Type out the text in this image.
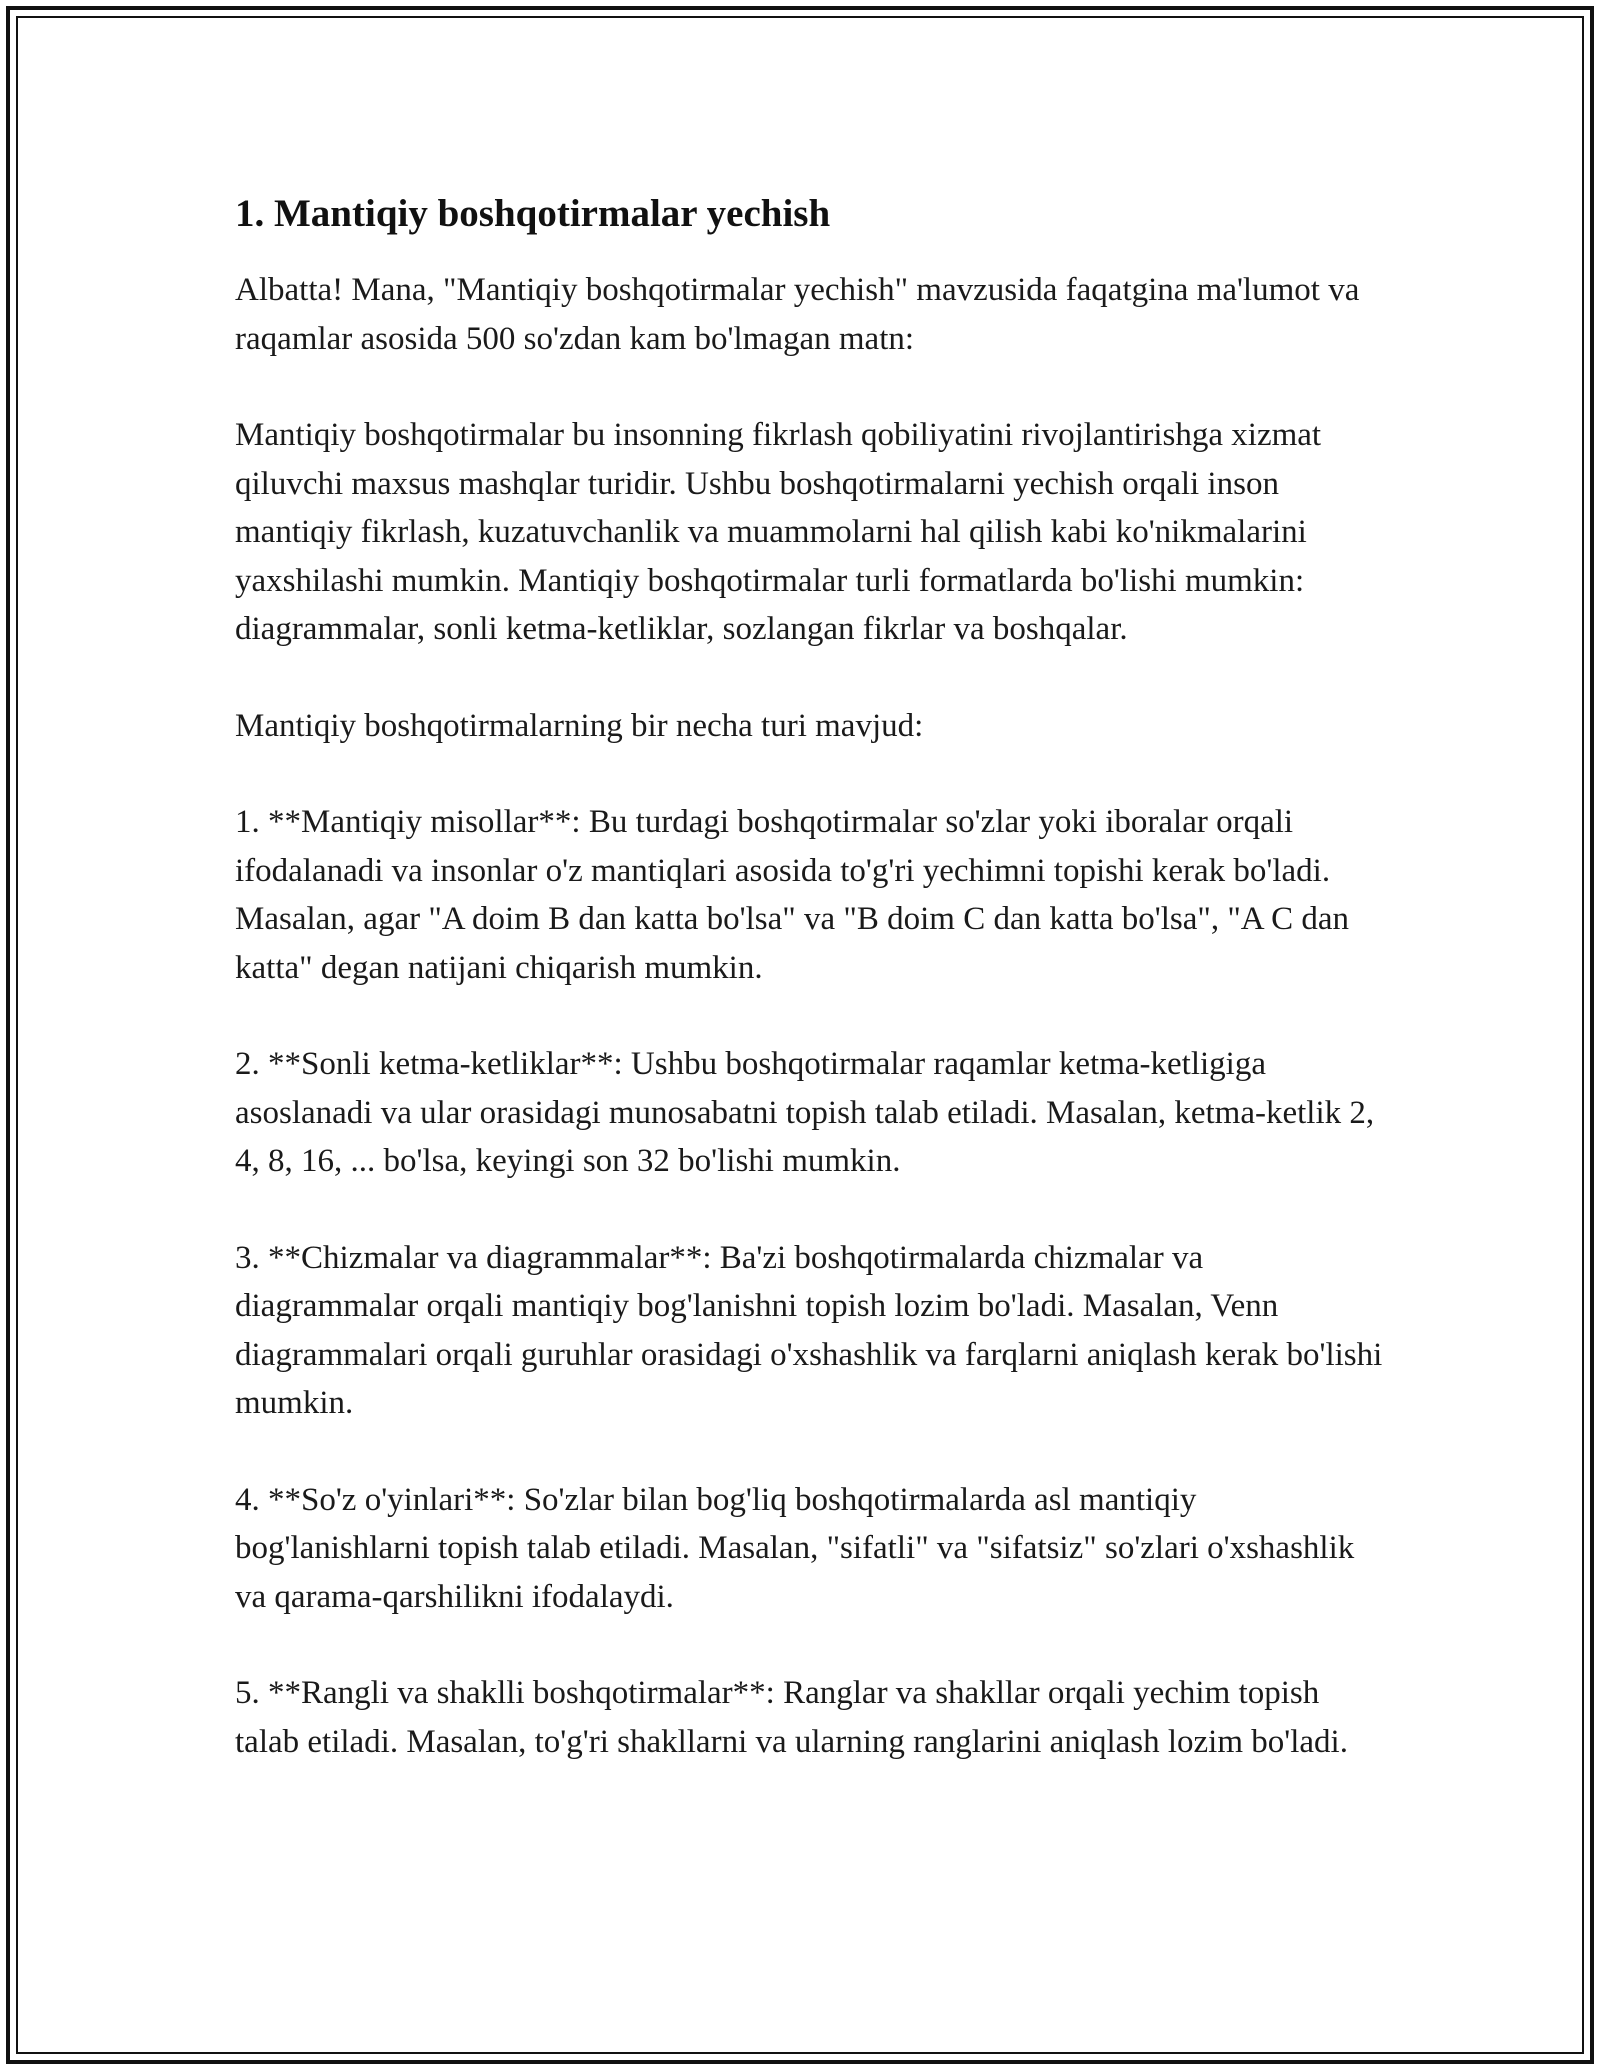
1. Mantiqiy boshqotirmalar yechish

Albatta! Mana, "Mantiqiy boshqotirmalar yechish" mavzusida faqatgina ma'lumot va raqamlar asosida 500 so'zdan kam bo'lmagan matn:

Mantiqiy boshqotirmalar bu insonning fikrlash qobiliyatini rivojlantirishga xizmat qiluvchi maxsus mashqlar turidir. Ushbu boshqotirmalarni yechish orqali inson mantiqiy fikrlash, kuzatuvchanlik va muammolarni hal qilish kabi ko'nikmalarini yaxshilashi mumkin. Mantiqiy boshqotirmalar turli formatlarda bo'lishi mumkin: diagrammalar, sonli ketma-ketliklar, sozlangan fikrlar va boshqalar.

Mantiqiy boshqotirmalarning bir necha turi mavjud:

1. **Mantiqiy misollar**: Bu turdagi boshqotirmalar so'zlar yoki iboralar orqali ifodalanadi va insonlar o'z mantiqlari asosida to'g'ri yechimni topishi kerak bo'ladi. Masalan, agar "A doim B dan katta bo'lsa" va "B doim C dan katta bo'lsa", "A C dan katta" degan natijani chiqarish mumkin.

2. **Sonli ketma-ketliklar**: Ushbu boshqotirmalar raqamlar ketma-ketligiga asoslanadi va ular orasidagi munosabatni topish talab etiladi. Masalan, ketma-ketlik 2, 4, 8, 16, ... bo'lsa, keyingi son 32 bo'lishi mumkin.

3. **Chizmalar va diagrammalar**: Ba'zi boshqotirmalarda chizmalar va diagrammalar orqali mantiqiy bog'lanishni topish lozim bo'ladi. Masalan, Venn diagrammalari orqali guruhlar orasidagi o'xshashlik va farqlarni aniqlash kerak bo'lishi mumkin.

4. **So'z o'yinlari**: So'zlar bilan bog'liq boshqotirmalarda asl mantiqiy bog'lanishlarni topish talab etiladi. Masalan, "sifatli" va "sifatsiz" so'zlari o'xshashlik va qarama-qarshilikni ifodalaydi.

5. **Rangli va shaklli boshqotirmalar**: Ranglar va shakllar orqali yechim topish talab etiladi. Masalan, to'g'ri shakllarni va ularning ranglarini aniqlash lozim bo'ladi.
